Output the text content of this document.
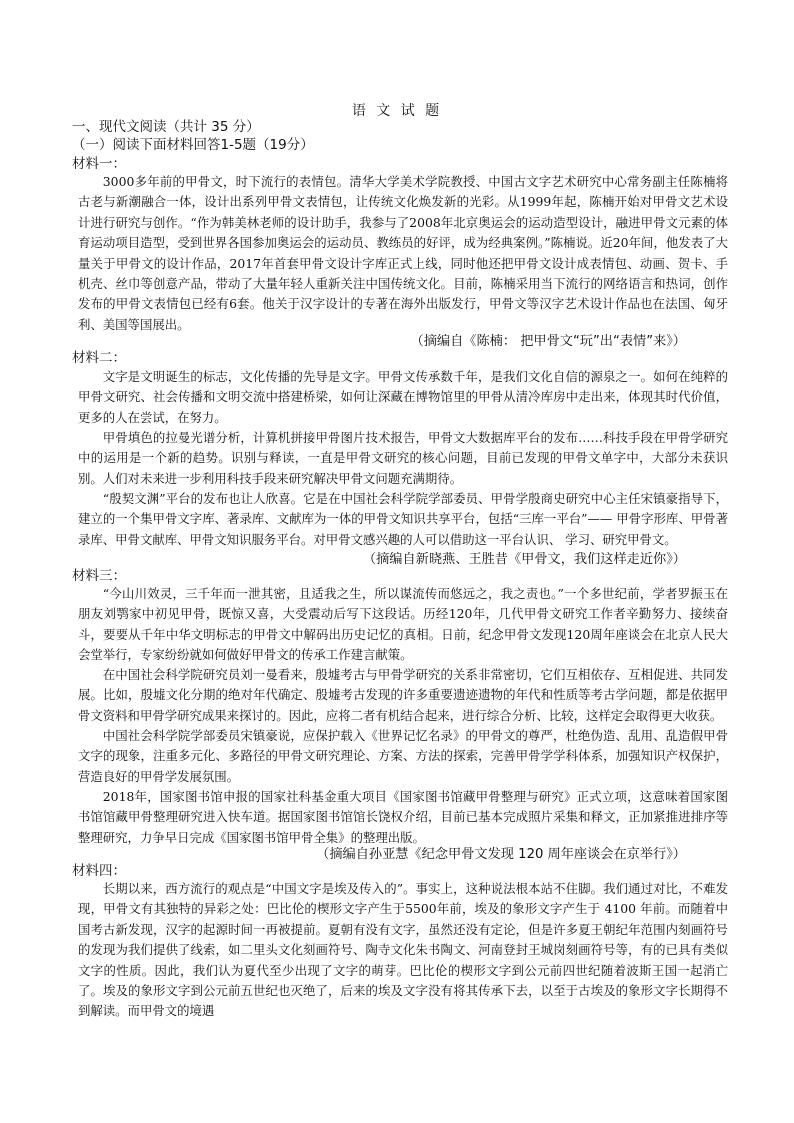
语 文 试 题
一、现代文阅读（共计 35 分）
（一）阅读下面材料回答1-5题（19分）
材料一：
3000多年前的甲骨文，时下流行的表情包。清华大学美术学院教授、中国古文字艺术研究中心常务副主任陈楠将古老与新潮融合一体，设计出系列甲骨文表情包，让传统文化焕发新的光彩。从1999年起，陈楠开始对甲骨文艺术设计进行研究与创作。“作为韩美林老师的设计助手，我参与了2008年北京奥运会的运动造型设计，融进甲骨文元素的体育运动项目造型，受到世界各国参加奥运会的运动员、教练员的好评，成为经典案例。”陈楠说。近20年间，他发表了大量关于甲骨文的设计作品，2017年首套甲骨文设计字库正式上线，同时他还把甲骨文设计成表情包、动画、贺卡、手机壳、丝巾等创意产品，带动了大量年轻人重新关注中国传统文化。目前，陈楠采用当下流行的网络语言和热词，创作发布的甲骨文表情包已经有6套。他关于汉字设计的专著在海外出版发行，甲骨文等汉字艺术设计作品也在法国、匈牙利、美国等国展出。
（摘编自《陈楠： 把甲骨文“玩”出“表情”来》）
材料二：
文字是文明诞生的标志，文化传播的先导是文字。甲骨文传承数千年，是我们文化自信的源泉之一。如何在纯粹的甲骨文研究、社会传播和文明交流中搭建桥梁，如何让深藏在博物馆里的甲骨从清冷库房中走出来，体现其时代价值，更多的人在尝试，在努力。
甲骨填色的拉曼光谱分析，计算机拼接甲骨图片技术报告，甲骨文大数据库平台的发布……科技手段在甲骨学研究中的运用是一个新的趋势。识别与释读，一直是甲骨文研究的核心问题，目前已发现的甲骨文单字中，大部分未获识别。人们对未来进一步利用科技手段来研究解决甲骨文问题充满期待。
“殷契文渊”平台的发布也让人欣喜。它是在中国社会科学院学部委员、甲骨学殷商史研究中心主任宋镇豪指导下，建立的一个集甲骨文字库、著录库、文献库为一体的甲骨文知识共享平台，包括“三库一平台”—— 甲骨字形库、甲骨著录库、甲骨文献库、甲骨文知识服务平台。对甲骨文感兴趣的人可以借助这一平台认识、 学习、研究甲骨文。
（摘编自新晓燕、王胜昔《甲骨文，我们这样走近你》）
材料三：
“今山川效灵，三千年而一泄其密，且适我之生，所以谋流传而悠远之，我之责也。”一个多世纪前，学者罗振玉在朋友刘鹗家中初见甲骨，既惊又喜，大受震动后写下这段话。历经120年，几代甲骨文研究工作者辛勤努力、接续奋斗，要要从千年中华文明标志的甲骨文中解码出历史记忆的真相。日前，纪念甲骨文发现120周年座谈会在北京人民大会堂举行，专家纷纷就如何做好甲骨文的传承工作建言献策。
在中国社会科学院研究员刘一曼看来，殷墟考古与甲骨学研究的关系非常密切，它们互相依存、互相促进、共同发展。比如，殷墟文化分期的绝对年代确定、殷墟考古发现的许多重要遗迹遗物的年代和性质等考古学问题，都是依据甲骨文资料和甲骨学研究成果来探讨的。因此，应将二者有机结合起来，进行综合分析、比较，这样定会取得更大收获。
中国社会科学院学部委员宋镇豪说，应保护载入《世界记忆名录》的甲骨文的尊严，杜绝伪造、乱用、乱造假甲骨文字的现象，注重多元化、多路径的甲骨文研究理论、方案、方法的探索，完善甲骨学学科体系，加强知识产权保护，营造良好的甲骨学发展氛围。
2018年，国家图书馆申报的国家社科基金重大项目《国家图书馆藏甲骨整理与研究》正式立项，这意味着国家图书馆馆藏甲骨整理研究进入快车道。据国家图书馆馆长饶权介绍，目前已基本完成照片采集和释文，正加紧推进排序等整理研究，力争早日完成《国家图书馆甲骨全集》的整理出版。
（摘编自孙亚慧《纪念甲骨文发现 120 周年座谈会在京举行》）
材料四：
长期以来，西方流行的观点是“中国文字是埃及传入的”。事实上，这种说法根本站不住脚。我们通过对比，不难发现，甲骨文有其独特的异彩之处：巴比伦的楔形文字产生于5500年前，埃及的象形文字产生于 4100 年前。而随着中国考古新发现，汉字的起源时间一再被提前。夏朝有没有文字，虽然还没有定论，但是许多夏王朝纪年范围内刻画符号的发现为我们提供了线索，如二里头文化刻画符号、陶寺文化朱书陶文、河南登封王城岗刻画符号等，有的已具有类似文字的性质。因此，我们认为夏代至少出现了文字的萌芽。巴比伦的楔形文字到公元前四世纪随着波斯王国一起消亡了。埃及的象形文字到公元前五世纪也灭绝了，后来的埃及文字没有将其传承下去，以至于古埃及的象形文字长期得不到解读。而甲骨文的境遇
